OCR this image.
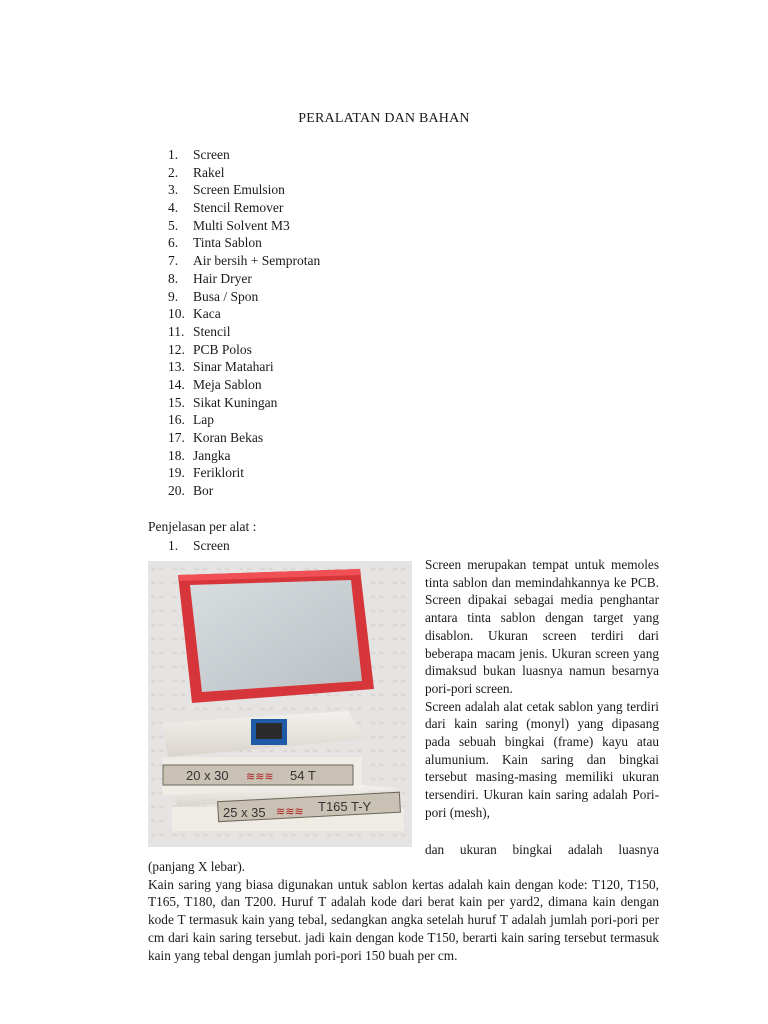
PERALATAN DAN BAHAN
1. Screen
2. Rakel
3. Screen Emulsion
4. Stencil Remover
5. Multi Solvent M3
6. Tinta Sablon
7. Air bersih + Semprotan
8. Hair Dryer
9. Busa / Spon
10. Kaca
11. Stencil
12. PCB Polos
13. Sinar Matahari
14. Meja Sablon
15. Sikat Kuningan
16. Lap
17. Koran Bekas
18. Jangka
19. Feriklorit
20. Bor
Penjelasan per alat :
1. Screen
20 x 30 ≋≋≋ 54 T
25 x 35 ≋≋≋ T165 T-Y

Screen merupakan tempat untuk memoles tinta sablon dan memindahkannya ke PCB. Screen dipakai sebagai media penghantar antara tinta sablon dengan target yang disablon. Ukuran screen terdiri dari beberapa macam jenis. Ukuran screen yang dimaksud bukan luasnya namun besarnya pori-pori screen.

Screen adalah alat cetak sablon yang terdiri dari kain saring (monyl) yang dipasang pada sebuah bingkai (frame) kayu atau alumunium. Kain saring dan bingkai tersebut masing-masing memiliki ukuran tersendiri. Ukuran kain saring adalah Pori-pori (mesh),

dan ukuran bingkai adalah luasnya
(panjang X lebar).
Kain saring yang biasa digunakan untuk sablon kertas adalah kain dengan kode: T120, T150, T165, T180, dan T200. Huruf T adalah kode dari berat kain per yard2, dimana kain dengan kode T termasuk kain yang tebal, sedangkan angka setelah huruf T adalah jumlah pori-pori per cm dari kain saring tersebut. jadi kain dengan kode T150, berarti kain saring tersebut termasuk kain yang tebal dengan jumlah pori-pori 150 buah per cm.
